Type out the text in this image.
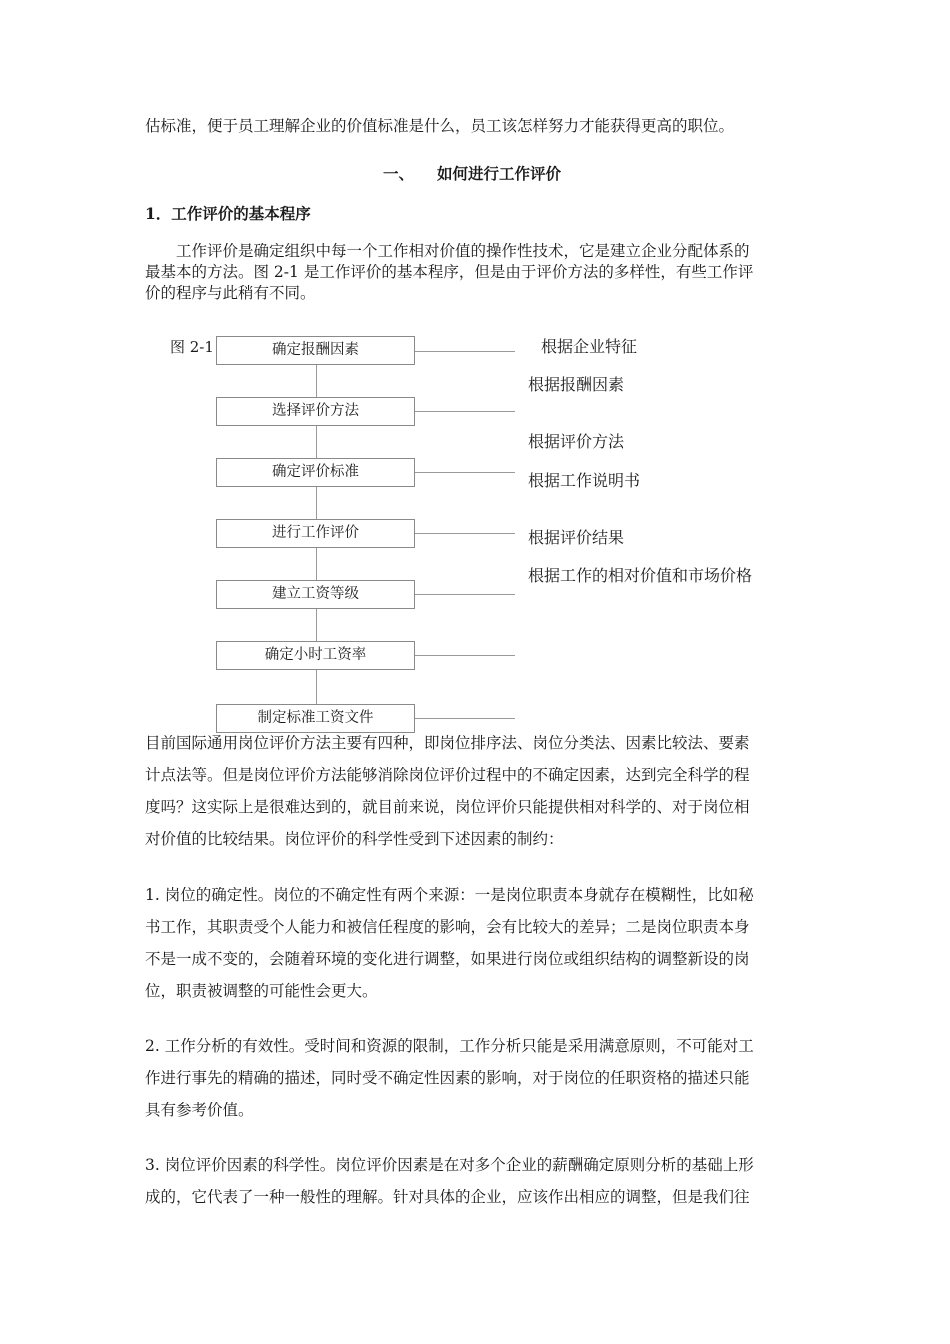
估标准，便于员工理解企业的价值标准是什么，员工该怎样努力才能获得更高的职位。
一、 如何进行工作评价
1．工作评价的基本程序
　　工作评价是确定组织中每一个工作相对价值的操作性技术，它是建立企业分配体系的
最基本的方法。图 2-1 是工作评价的基本程序，但是由于评价方法的多样性，有些工作评
价的程序与此稍有不同。
图 2-1	确定报酬因素
选择评价方法
确定评价标准
进行工作评价
建立工资等级
确定小时工资率
制定标准工资文件
根据企业特征
根据报酬因素
根据评价方法
根据工作说明书
根据评价结果
根据工作的相对价值和市场价格
目前国际通用岗位评价方法主要有四种，即岗位排序法、岗位分类法、因素比较法、要素
计点法等。但是岗位评价方法能够消除岗位评价过程中的不确定因素，达到完全科学的程
度吗？这实际上是很难达到的，就目前来说，岗位评价只能提供相对科学的、对于岗位相
对价值的比较结果。岗位评价的科学性受到下述因素的制约：
1. 岗位的确定性。岗位的不确定性有两个来源：一是岗位职责本身就存在模糊性，比如秘
书工作，其职责受个人能力和被信任程度的影响，会有比较大的差异；二是岗位职责本身
不是一成不变的，会随着环境的变化进行调整，如果进行岗位或组织结构的调整新设的岗
位，职责被调整的可能性会更大。
2. 工作分析的有效性。受时间和资源的限制，工作分析只能是采用满意原则，不可能对工
作进行事先的精确的描述，同时受不确定性因素的影响，对于岗位的任职资格的描述只能
具有参考价值。
3. 岗位评价因素的科学性。岗位评价因素是在对多个企业的薪酬确定原则分析的基础上形
成的，它代表了一种一般性的理解。针对具体的企业，应该作出相应的调整，但是我们往
